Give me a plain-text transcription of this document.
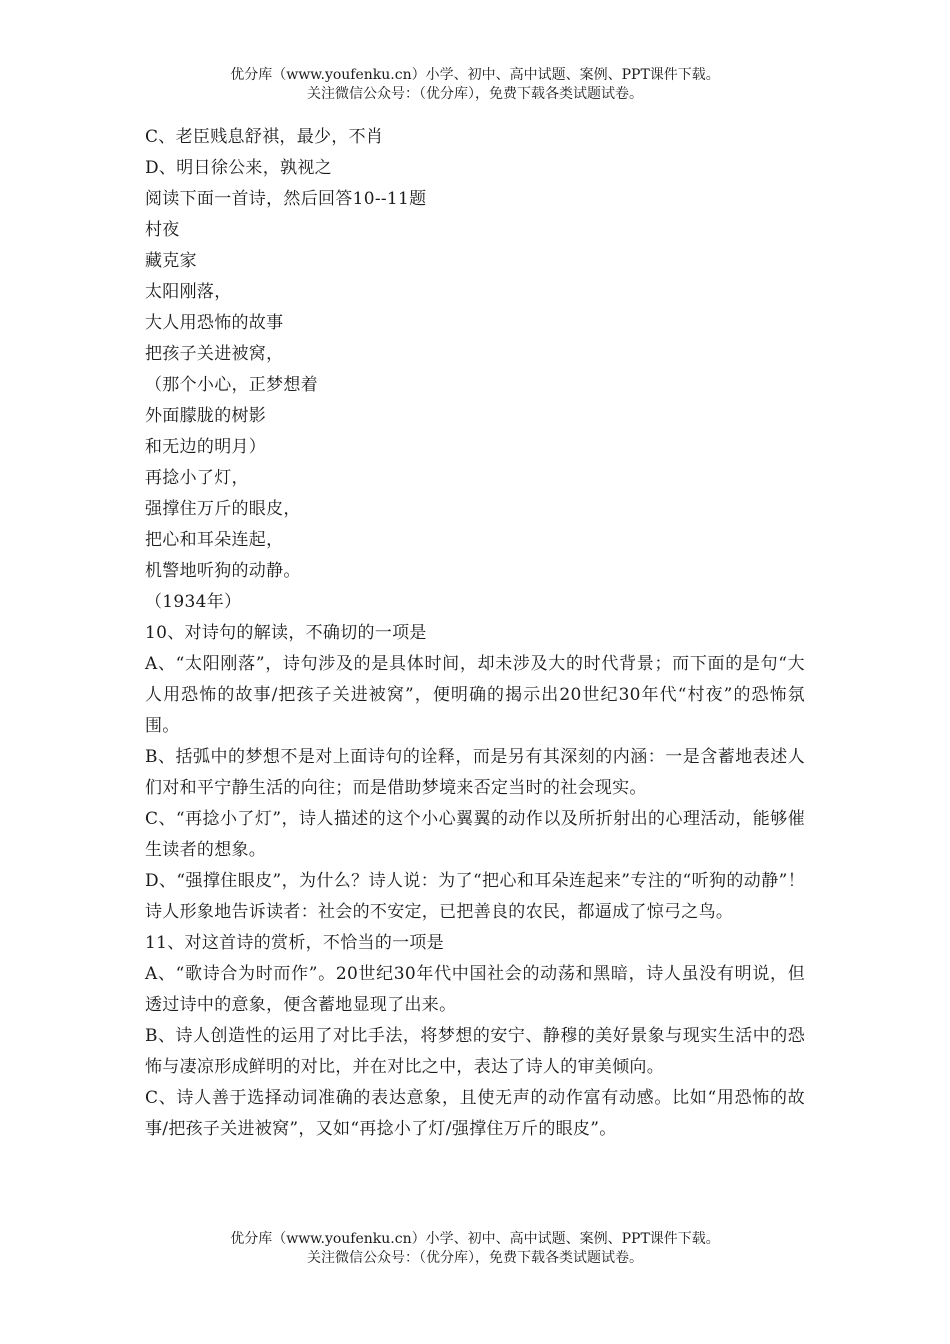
优分库（www.youfenku.cn）小学、初中、高中试题、案例、PPT课件下载。
关注微信公众号：（优分库），免费下载各类试题试卷。

C、老臣贱息舒祺，最少，不肖

D、明日徐公来，孰视之

阅读下面一首诗，然后回答10--11题

村夜

藏克家

太阳刚落，

大人用恐怖的故事

把孩子关进被窝，

（那个小心，正梦想着

外面朦胧的树影

和无边的明月）

再捻小了灯，

强撑住万斤的眼皮，

把心和耳朵连起，

机警地听狗的动静。

（1934年）

10、对诗句的解读，不确切的一项是

A、“太阳刚落”，诗句涉及的是具体时间，却未涉及大的时代背景；而下面的是句“大人用恐怖的故事/把孩子关进被窝”，便明确的揭示出20世纪30年代“村夜”的恐怖氛围。

B、括弧中的梦想不是对上面诗句的诠释，而是另有其深刻的内涵：一是含蓄地表述人们对和平宁静生活的向往；而是借助梦境来否定当时的社会现实。

C、“再捻小了灯”，诗人描述的这个小心翼翼的动作以及所折射出的心理活动，能够催生读者的想象。

D、“强撑住眼皮”，为什么？诗人说：为了“把心和耳朵连起来”专注的“听狗的动静”！诗人形象地告诉读者：社会的不安定，已把善良的农民，都逼成了惊弓之鸟。

11、对这首诗的赏析，不恰当的一项是

A、“歌诗合为时而作”。20世纪30年代中国社会的动荡和黑暗，诗人虽没有明说，但透过诗中的意象，便含蓄地显现了出来。

B、诗人创造性的运用了对比手法，将梦想的安宁、静穆的美好景象与现实生活中的恐怖与凄凉形成鲜明的对比，并在对比之中，表达了诗人的审美倾向。

C、诗人善于选择动词准确的表达意象，且使无声的动作富有动感。比如“用恐怖的故事/把孩子关进被窝”，又如“再捻小了灯/强撑住万斤的眼皮”。

优分库（www.youfenku.cn）小学、初中、高中试题、案例、PPT课件下载。
关注微信公众号：（优分库），免费下载各类试题试卷。
